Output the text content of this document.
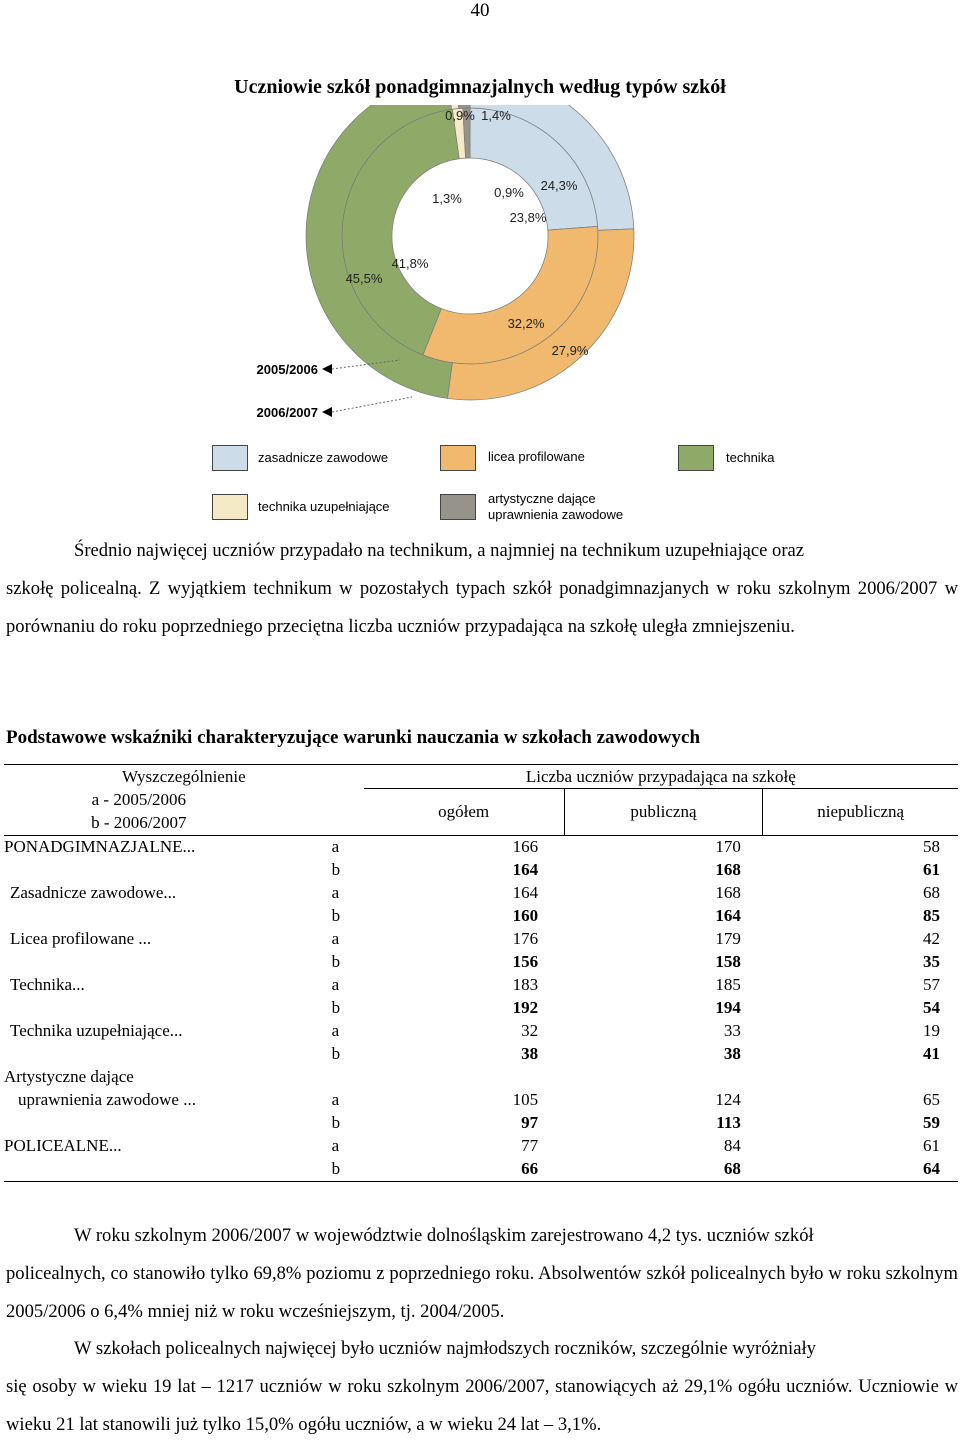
40
Uczniowie szkół ponadgimnazjalnych według typów szkół
23,8%
32,2%
41,8%
1,3% 0,9% 24,3%
27,9%
45,5%
0,9% 1,4%
2005/2006
2006/2007
zasadnicze zawodowe	licea profilowane	technika
technika uzupełniające
artystyczne dające
uprawnienia zawodowe
Średnio najwięcej uczniów przypadało na technikum, a najmniej na technikum uzupełniające oraz
szkołę policealną. Z wyjątkiem technikum w pozostałych typach szkół ponadgimnazjanych w roku szkolnym 2006/2007 w porównaniu do roku poprzedniego przeciętna liczba uczniów przypadająca na szkołę uległa zmniejszeniu.
Podstawowe wskaźniki charakteryzujące warunki nauczania w szkołach zawodowych
Wyszczególnienie		Liczba uczniów przypadająca na szkołę		
a - 2005/2006		ogółem	publiczną	niepubliczną
b - 2006/2007				
PONADGIMNAZJALNE...	a	166	170	58
	b	164	168	61
Zasadnicze zawodowe...	a	164	168	68
	b	160	164	85
Licea profilowane ...	a	176	179	42
	b	156	158	35
Technika...	a	183	185	57
	b	192	194	54
Technika uzupełniające...	a	32	33	19
	b	38	38	41
Artystyczne dające				
uprawnienia zawodowe ...	a	105	124	65
	b	97	113	59
POLICEALNE...	a	77	84	61
	b	66	68	64
W roku szkolnym 2006/2007 w województwie dolnośląskim zarejestrowano 4,2 tys. uczniów szkół
policealnych, co stanowiło tylko 69,8% poziomu z poprzedniego roku. Absolwentów szkół policealnych było w roku szkolnym 2005/2006 o 6,4% mniej niż w roku wcześniejszym, tj. 2004/2005.
W szkołach policealnych najwięcej było uczniów najmłodszych roczników, szczególnie wyróżniały
się osoby w wieku 19 lat – 1217 uczniów w roku szkolnym 2006/2007, stanowiących aż 29,1% ogółu uczniów. Uczniowie w wieku 21 lat stanowili już tylko 15,0% ogółu uczniów, a w wieku 24 lat – 3,1%.
